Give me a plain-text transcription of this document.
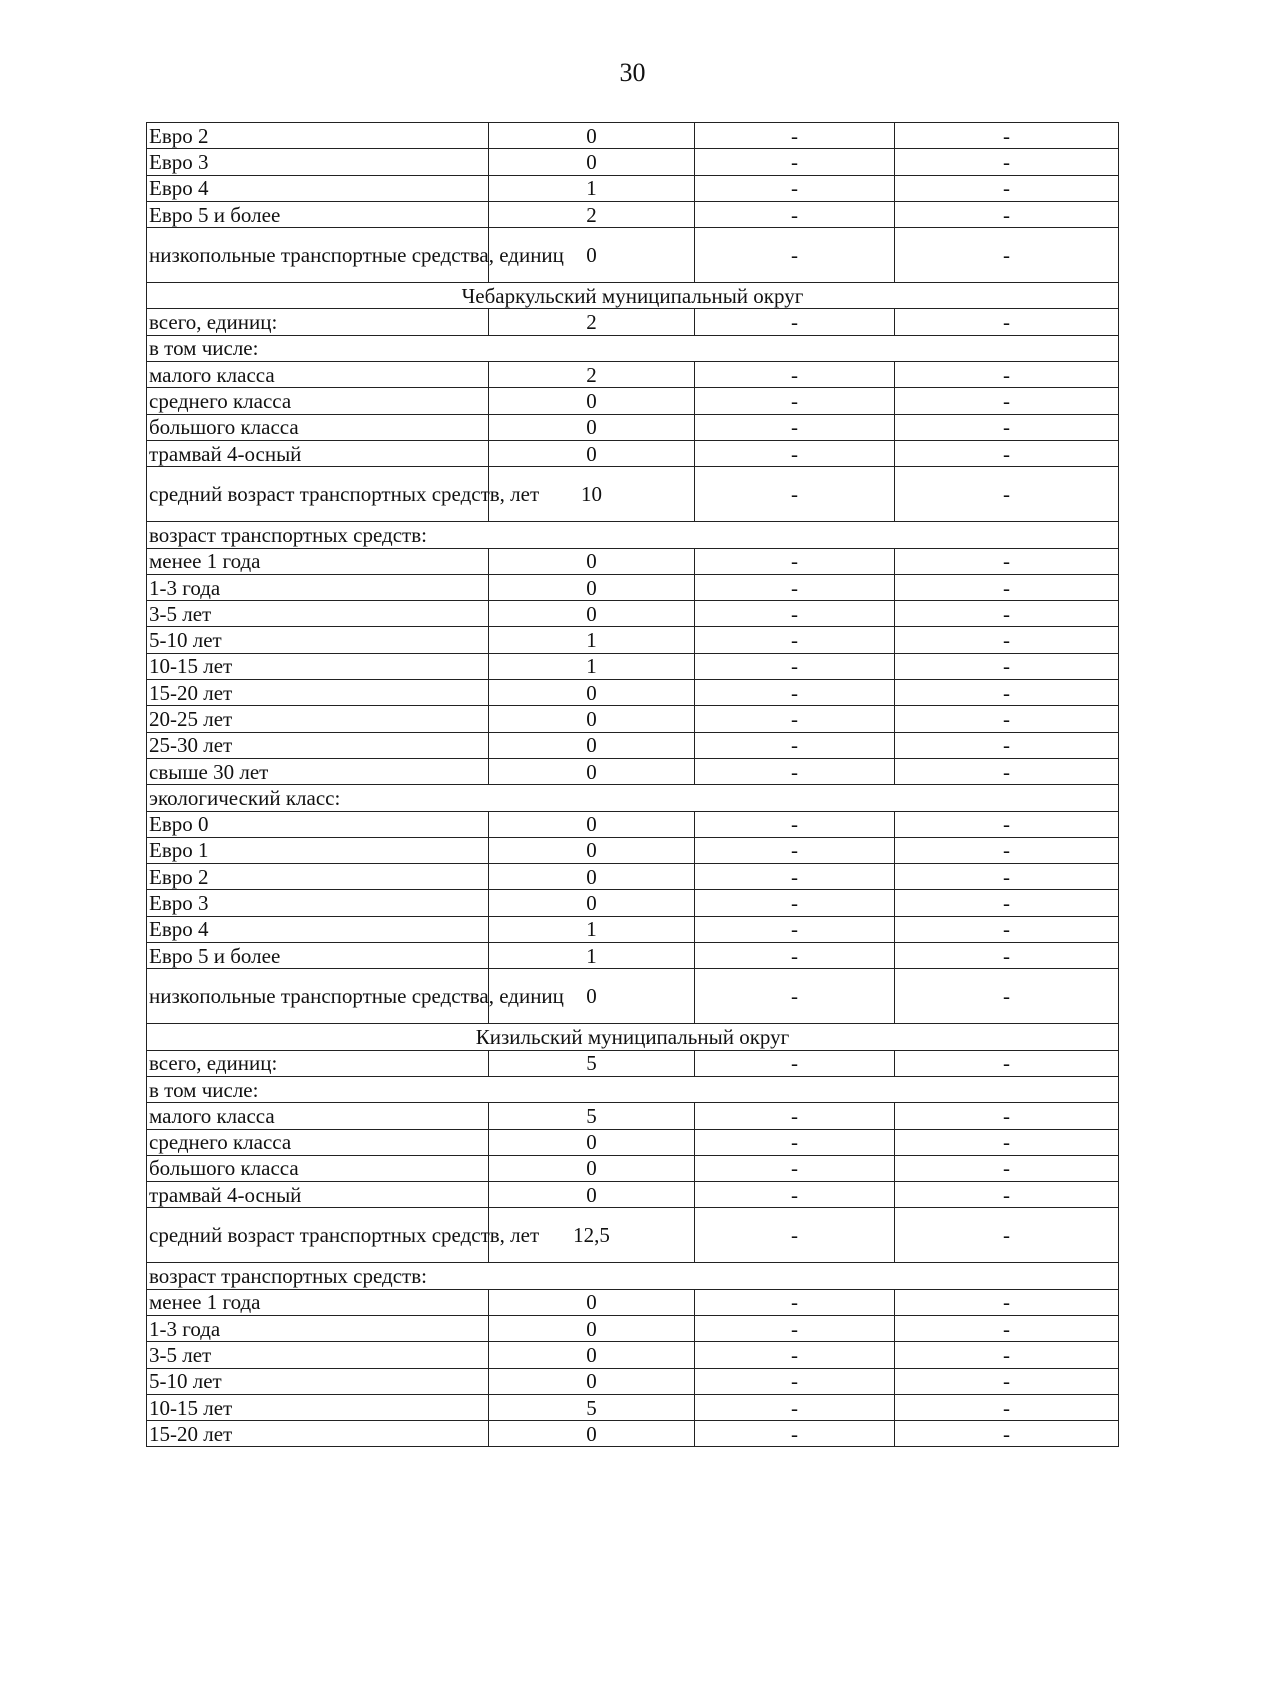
30
Евро 2	0	-	-
Евро 3	0	-	-
Евро 4	1	-	-
Евро 5 и более	2	-	-
низкопольные транспортные средства, единиц	0	-	-
Чебаркульский муниципальный округ			
всего, единиц:	2	-	-
в том числе:			
малого класса	2	-	-
среднего класса	0	-	-
большого класса	0	-	-
трамвай 4-осный	0	-	-
средний возраст транспортных средств, лет	10	-	-
возраст транспортных средств:			
менее 1 года	0	-	-
1-3 года	0	-	-
3-5 лет	0	-	-
5-10 лет	1	-	-
10-15 лет	1	-	-
15-20 лет	0	-	-
20-25 лет	0	-	-
25-30 лет	0	-	-
свыше 30 лет	0	-	-
экологический класс:			
Евро 0	0	-	-
Евро 1	0	-	-
Евро 2	0	-	-
Евро 3	0	-	-
Евро 4	1	-	-
Евро 5 и более	1	-	-
низкопольные транспортные средства, единиц	0	-	-
Кизильский муниципальный округ			
всего, единиц:	5	-	-
в том числе:			
малого класса	5	-	-
среднего класса	0	-	-
большого класса	0	-	-
трамвай 4-осный	0	-	-
средний возраст транспортных средств, лет	12,5	-	-
возраст транспортных средств:			
менее 1 года	0	-	-
1-3 года	0	-	-
3-5 лет	0	-	-
5-10 лет	0	-	-
10-15 лет	5	-	-
15-20 лет	0	-	-
